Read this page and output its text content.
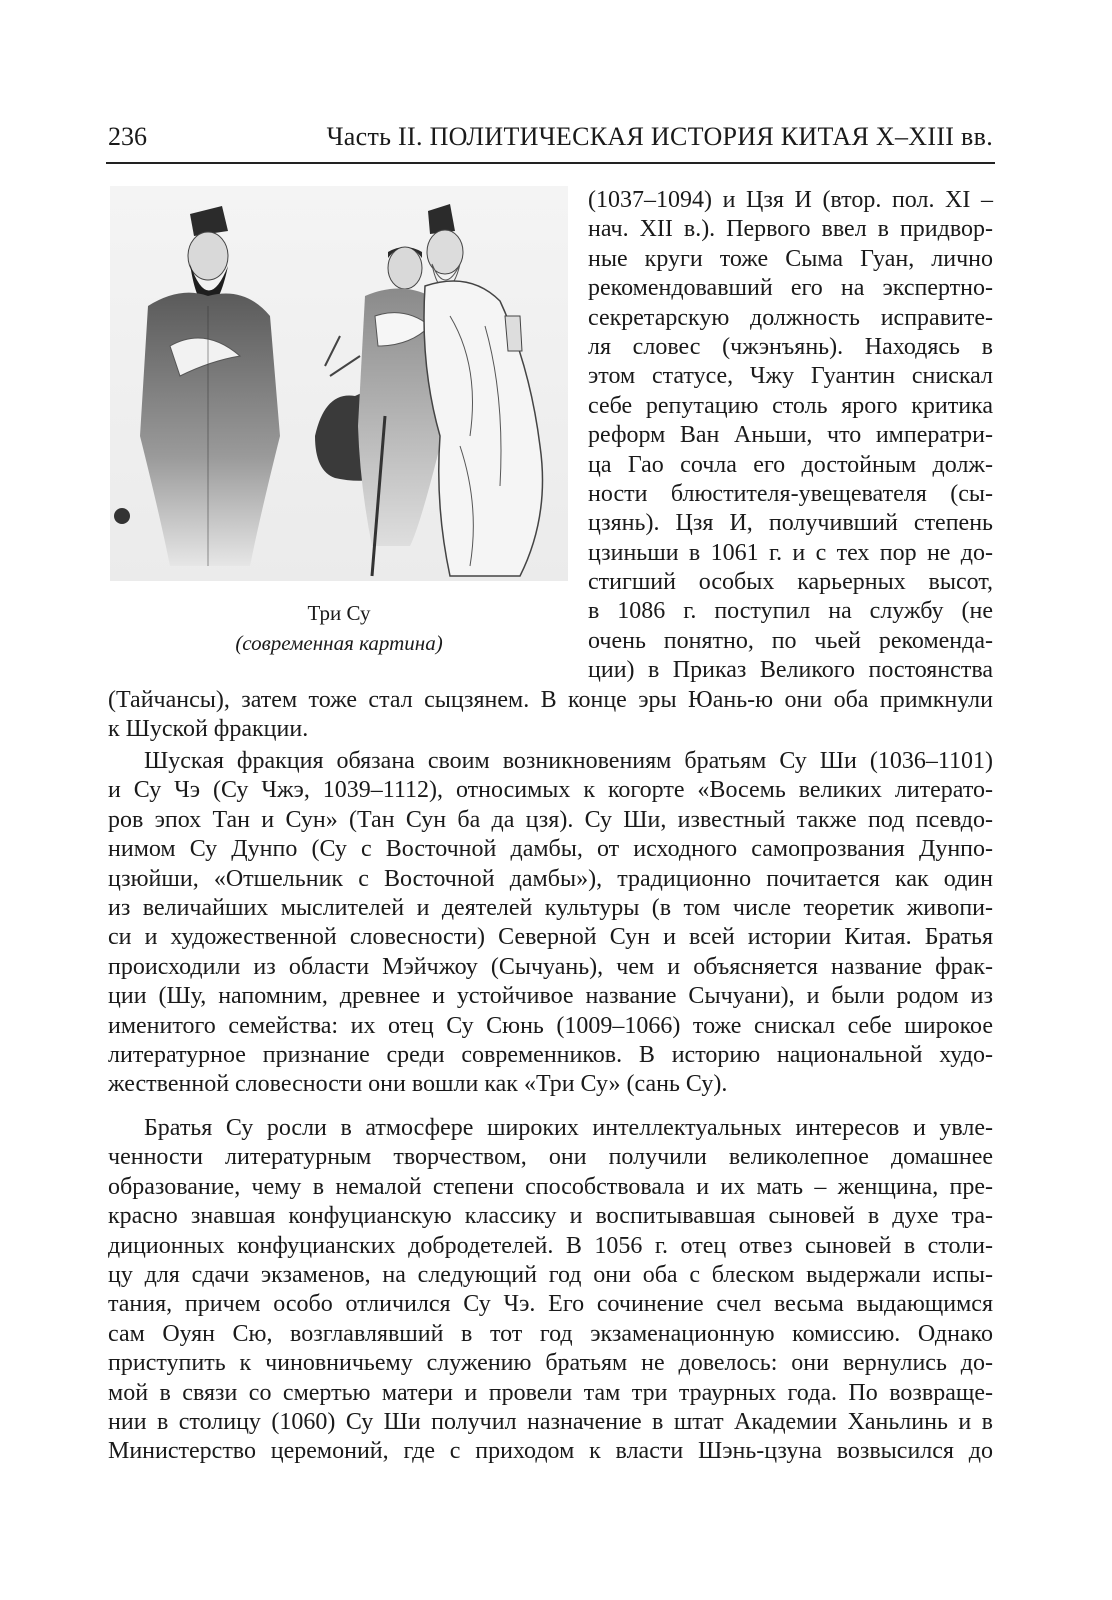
236	Часть II. ПОЛИТИЧЕСКАЯ ИСТОРИЯ КИТАЯ X–XIII вв.
Три Су
(современная картина)
(1037–1094) и Цзя И (втор. пол. XI –
нач. XII в.). Первого ввел в придвор-
ные круги тоже Сыма Гуан, лично
рекомендовавший его на экспертно-
секретарскую должность исправите-
ля словес (чжэнъянь). Находясь в
этом статусе, Чжу Гуантин снискал
себе репутацию столь ярого критика
реформ Ван Аньши, что императри-
ца Гао сочла его достойным долж-
ности блюстителя-увещевателя (сы-
цзянь). Цзя И, получивший степень
цзиньши в 1061 г. и с тех пор не до-
стигший особых карьерных высот,
в 1086 г. поступил на службу (не
очень понятно, по чьей рекоменда-
ции) в Приказ Великого постоянства
(Тайчансы), затем тоже стал сыцзянем. В конце эры Юань-ю они оба примкнули
к Шуской фракции.
Шуская фракция обязана своим возникновениям братьям Су Ши (1036–1101)
и Су Чэ (Су Чжэ, 1039–1112), относимых к когорте «Восемь великих литерато-
ров эпох Тан и Сун» (Тан Сун ба да цзя). Су Ши, известный также под псевдо-
нимом Су Дунпо (Су с Восточной дамбы, от исходного самопрозвания Дунпо-
цзюйши, «Отшельник с Восточной дамбы»), традиционно почитается как один
из величайших мыслителей и деятелей культуры (в том числе теоретик живопи-
си и художественной словесности) Северной Сун и всей истории Китая. Братья
происходили из области Мэйчжоу (Сычуань), чем и объясняется название фрак-
ции (Шу, напомним, древнее и устойчивое название Сычуани), и были родом из
именитого семейства: их отец Су Сюнь (1009–1066) тоже снискал себе широкое
литературное признание среди современников. В историю национальной худо-
жественной словесности они вошли как «Три Су» (сань Су).
Братья Су росли в атмосфере широких интеллектуальных интересов и увле-
ченности литературным творчеством, они получили великолепное домашнее
образование, чему в немалой степени способствовала и их мать – женщина, пре-
красно знавшая конфуцианскую классику и воспитывавшая сыновей в духе тра-
диционных конфуцианских добродетелей. В 1056 г. отец отвез сыновей в столи-
цу для сдачи экзаменов, на следующий год они оба с блеском выдержали испы-
тания, причем особо отличился Су Чэ. Его сочинение счел весьма выдающимся
сам Оуян Сю, возглавлявший в тот год экзаменационную комиссию. Однако
приступить к чиновничьему служению братьям не довелось: они вернулись до-
мой в связи со смертью матери и провели там три траурных года. По возвраще-
нии в столицу (1060) Су Ши получил назначение в штат Академии Ханьлинь и в
Министерство церемоний, где с приходом к власти Шэнь-цзуна возвысился до
